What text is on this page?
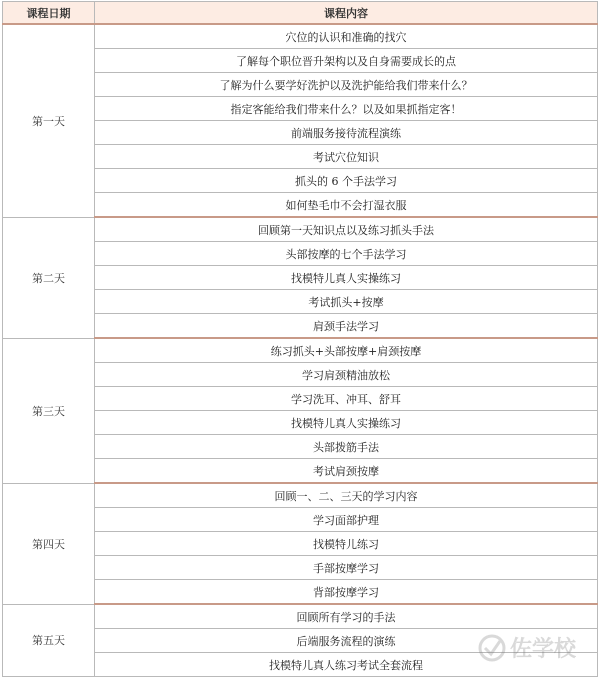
课程日期	课程内容
第一天	穴位的认识和准确的找穴
	了解每个职位晋升架构以及自身需要成长的点
	了解为什么要学好洗护以及洗护能给我们带来什么？
	指定客能给我们带来什么？以及如果抓指定客！
	前端服务接待流程演练
	考试穴位知识
	抓头的 6 个手法学习
	如何垫毛巾不会打湿衣服
第二天	回顾第一天知识点以及练习抓头手法
	头部按摩的七个手法学习
	找模特儿真人实操练习
	考试抓头+按摩
	肩颈手法学习
第三天	练习抓头+头部按摩+肩颈按摩
	学习肩颈精油放松
	学习洗耳、冲耳、舒耳
	找模特儿真人实操练习
	头部拨筋手法
	考试肩颈按摩
第四天	回顾一、二、三天的学习内容
	学习面部护理
	找模特儿练习
	手部按摩学习
	背部按摩学习
第五天	回顾所有学习的手法
	后端服务流程的演练
	找模特儿真人练习考试全套流程
佐学校
